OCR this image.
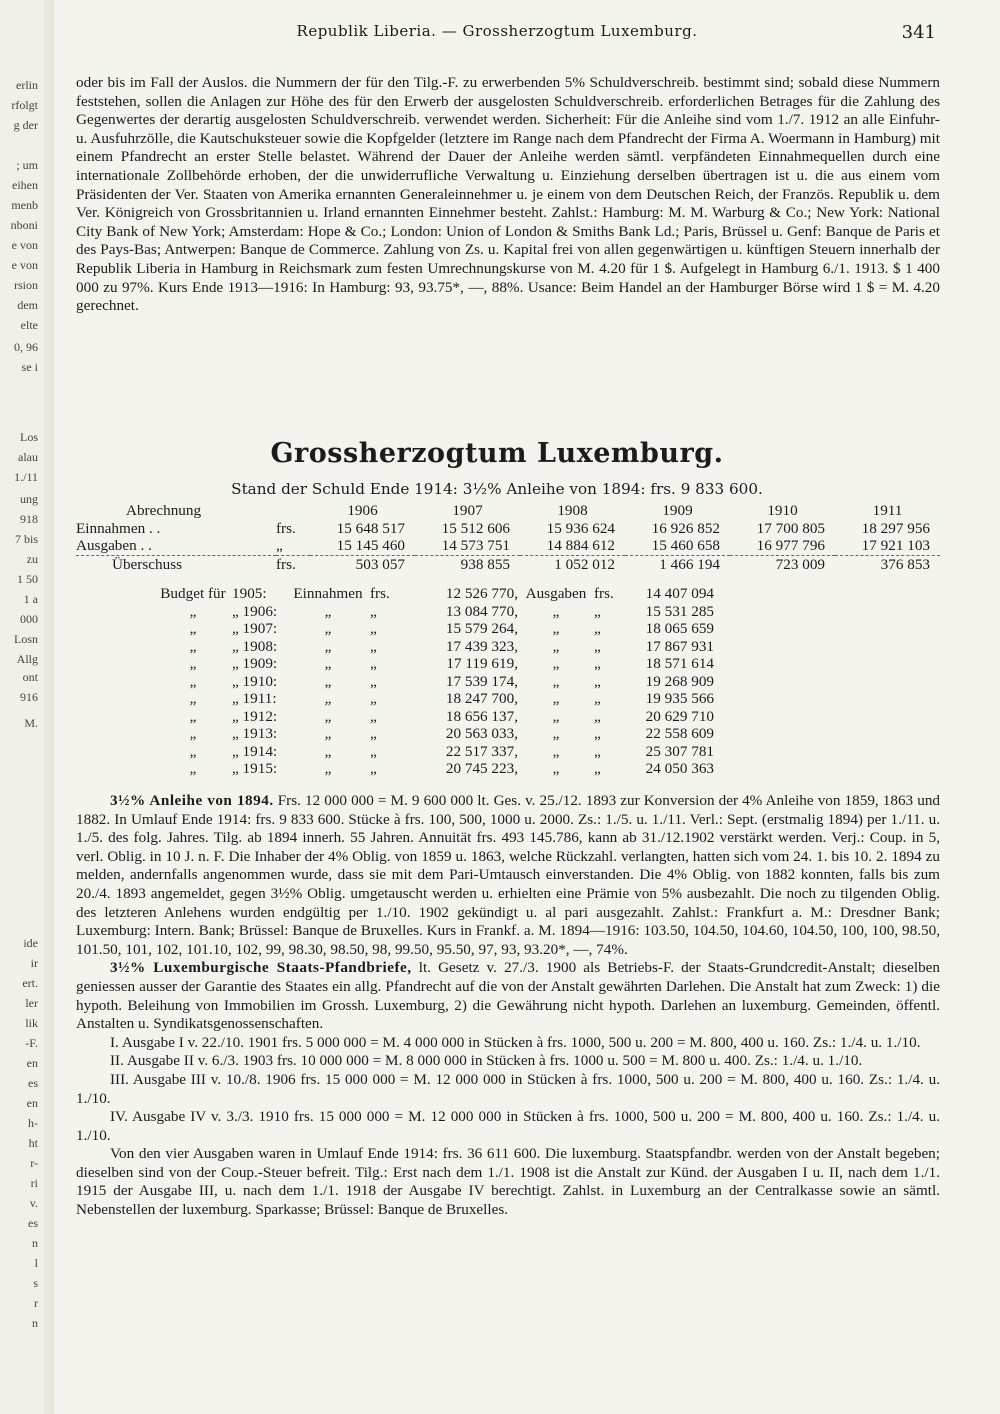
erlin
rfolgt
g der
; um
eihen
menb
nboni
e von
e von
rsion
dem
elte
0, 96
se i
Los
alau
1./11
ung
918
7 bis
zu
1 50
1 a
000
Losn
Allg
ont
916
M.
ide
ir
ert.
ler
lik
-F.
en
es
en
h-
ht
r-
ri
v.
es
n
l
s
r
n
Republik Liberia. — Grossherzogtum Luxemburg.	341

oder bis im Fall der Auslos. die Nummern der für den Tilg.-F. zu erwerbenden 5% Schuldverschreib. bestimmt sind; sobald diese Nummern feststehen, sollen die Anlagen zur Höhe des für den Erwerb der ausgelosten Schuldverschreib. erforderlichen Betrages für die Zahlung des Gegenwertes der derartig ausgelosten Schuldverschreib. verwendet werden. Sicherheit: Für die Anleihe sind vom 1./7. 1912 an alle Einfuhr- u. Ausfuhrzölle, die Kautschuksteuer sowie die Kopfgelder (letztere im Range nach dem Pfandrecht der Firma A. Woermann in Hamburg) mit einem Pfandrecht an erster Stelle belastet. Während der Dauer der Anleihe werden sämtl. verpfändeten Einnahmequellen durch eine internationale Zollbehörde erhoben, der die unwiderrufliche Verwaltung u. Einziehung derselben übertragen ist u. die aus einem vom Präsidenten der Ver. Staaten von Amerika ernannten Generaleinnehmer u. je einem von dem Deutschen Reich, der Französ. Republik u. dem Ver. Königreich von Grossbritannien u. Irland ernannten Einnehmer besteht. Zahlst.: Hamburg: M. M. Warburg & Co.; New York: National City Bank of New York; Amsterdam: Hope & Co.; London: Union of London & Smiths Bank Ld.; Paris, Brüssel u. Genf: Banque de Paris et des Pays-Bas; Antwerpen: Banque de Commerce. Zahlung von Zs. u. Kapital frei von allen gegenwärtigen u. künftigen Steuern innerhalb der Republik Liberia in Hamburg in Reichsmark zum festen Umrechnungskurse von M. 4.20 für 1 $. Aufgelegt in Hamburg 6./1. 1913. $ 1 400 000 zu 97%. Kurs Ende 1913—1916: In Hamburg: 93, 93.75*, —, 88%. Usance: Beim Handel an der Hamburger Börse wird 1 $ = M. 4.20 gerechnet.

Grossherzogtum Luxemburg.
Stand der Schuld Ende 1914: 3½% Anleihe von 1894: frs. 9 833 600.
Abrechnung		1906	1907	1908	1909	1910	1911
Einnahmen . .	frs.	15 648 517	15 512 606	15 936 624	16 926 852	17 700 805	18 297 956
Ausgaben . .	„	15 145 460	14 573 751	14 884 612	15 460 658	16 977 796	17 921 103
Überschuss	frs.	503 057	938 855	1 052 012	1 466 194	723 009	376 853
Budget für	1905:	Einnahmen	frs.	12 526 770,	Ausgaben	frs.	14 407 094
„	„ 1906:	„	„	13 084 770,	„	„	15 531 285
„	„ 1907:	„	„	15 579 264,	„	„	18 065 659
„	„ 1908:	„	„	17 439 323,	„	„	17 867 931
„	„ 1909:	„	„	17 119 619,	„	„	18 571 614
„	„ 1910:	„	„	17 539 174,	„	„	19 268 909
„	„ 1911:	„	„	18 247 700,	„	„	19 935 566
„	„ 1912:	„	„	18 656 137,	„	„	20 629 710
„	„ 1913:	„	„	20 563 033,	„	„	22 558 609
„	„ 1914:	„	„	22 517 337,	„	„	25 307 781
„	„ 1915:	„	„	20 745 223,	„	„	24 050 363

3½% Anleihe von 1894. Frs. 12 000 000 = M. 9 600 000 lt. Ges. v. 25./12. 1893 zur Konversion der 4% Anleihe von 1859, 1863 und 1882. In Umlauf Ende 1914: frs. 9 833 600. Stücke à frs. 100, 500, 1000 u. 2000. Zs.: 1./5. u. 1./11. Verl.: Sept. (erstmalig 1894) per 1./11. u. 1./5. des folg. Jahres. Tilg. ab 1894 innerh. 55 Jahren. Annuität frs. 493 145.786, kann ab 31./12.1902 verstärkt werden. Verj.: Coup. in 5, verl. Oblig. in 10 J. n. F. Die Inhaber der 4% Oblig. von 1859 u. 1863, welche Rückzahl. verlangten, hatten sich vom 24. 1. bis 10. 2. 1894 zu melden, andernfalls angenommen wurde, dass sie mit dem Pari-Umtausch einverstanden. Die 4% Oblig. von 1882 konnten, falls bis zum 20./4. 1893 angemeldet, gegen 3½% Oblig. umgetauscht werden u. erhielten eine Prämie von 5% ausbezahlt. Die noch zu tilgenden Oblig. des letzteren Anlehens wurden endgültig per 1./10. 1902 gekündigt u. al pari ausgezahlt. Zahlst.: Frankfurt a. M.: Dresdner Bank; Luxemburg: Intern. Bank; Brüssel: Banque de Bruxelles. Kurs in Frankf. a. M. 1894—1916: 103.50, 104.50, 104.60, 104.50, 100, 100, 98.50, 101.50, 101, 102, 101.10, 102, 99, 98.30, 98.50, 98, 99.50, 95.50, 97, 93, 93.20*, —, 74%.

3½% Luxemburgische Staats-Pfandbriefe, lt. Gesetz v. 27./3. 1900 als Betriebs-F. der Staats-Grundcredit-Anstalt; dieselben geniessen ausser der Garantie des Staates ein allg. Pfandrecht auf die von der Anstalt gewährten Darlehen. Die Anstalt hat zum Zweck: 1) die hypoth. Beleihung von Immobilien im Grossh. Luxemburg, 2) die Gewährung nicht hypoth. Darlehen an luxemburg. Gemeinden, öffentl. Anstalten u. Syndikatsgenossenschaften.

I. Ausgabe I v. 22./10. 1901 frs. 5 000 000 = M. 4 000 000 in Stücken à frs. 1000, 500 u. 200 = M. 800, 400 u. 160. Zs.: 1./4. u. 1./10.

II. Ausgabe II v. 6./3. 1903 frs. 10 000 000 = M. 8 000 000 in Stücken à frs. 1000 u. 500 = M. 800 u. 400. Zs.: 1./4. u. 1./10.

III. Ausgabe III v. 10./8. 1906 frs. 15 000 000 = M. 12 000 000 in Stücken à frs. 1000, 500 u. 200 = M. 800, 400 u. 160. Zs.: 1./4. u. 1./10.

IV. Ausgabe IV v. 3./3. 1910 frs. 15 000 000 = M. 12 000 000 in Stücken à frs. 1000, 500 u. 200 = M. 800, 400 u. 160. Zs.: 1./4. u. 1./10.

Von den vier Ausgaben waren in Umlauf Ende 1914: frs. 36 611 600. Die luxemburg. Staatspfandbr. werden von der Anstalt begeben; dieselben sind von der Coup.-Steuer befreit. Tilg.: Erst nach dem 1./1. 1908 ist die Anstalt zur Künd. der Ausgaben I u. II, nach dem 1./1. 1915 der Ausgabe III, u. nach dem 1./1. 1918 der Ausgabe IV berechtigt. Zahlst. in Luxemburg an der Centralkasse sowie an sämtl. Nebenstellen der luxemburg. Sparkasse; Brüssel: Banque de Bruxelles.
